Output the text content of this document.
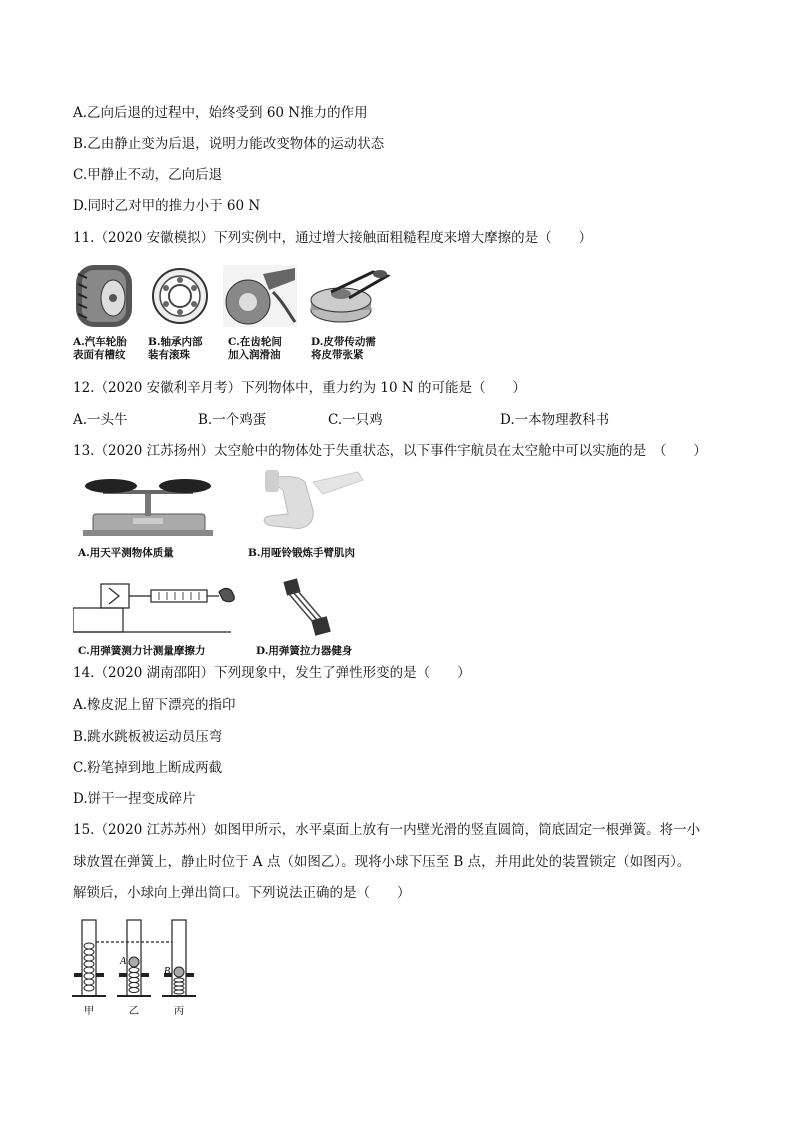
A.乙向后退的过程中，始终受到 60 N推力的作用
B.乙由静止变为后退，说明力能改变物体的运动状态
C.甲静止不动，乙向后退
D.同时乙对甲的推力小于 60 N
11.（2020 安徽模拟）下列实例中，通过增大接触面粗糙程度来增大摩擦的是（　　）
A.汽车轮胎
表面有槽纹
B.轴承内部
装有滚珠
C.在齿轮间
加入润滑油
D.皮带传动需
将皮带张紧
12.（2020 安徽利辛月考）下列物体中，重力约为 10 N 的可能是（　　）
A.一头牛	B.一个鸡蛋	C.一只鸡	D.一本物理教科书
13.（2020 江苏扬州）太空舱中的物体处于失重状态，以下事件宇航员在太空舱中可以实施的是　（　　）
A.用天平测物体质量	B.用哑铃锻炼手臂肌肉
C.用弹簧测力计测量摩擦力	D.用弹簧拉力器健身
14.（2020 湖南邵阳）下列现象中，发生了弹性形变的是（　　）
A.橡皮泥上留下漂亮的指印
B.跳水跳板被运动员压弯
C.粉笔掉到地上断成两截
D.饼干一捏变成碎片
15.（2020 江苏苏州）如图甲所示，水平桌面上放有一内壁光滑的竖直圆筒，筒底固定一根弹簧。将一小
球放置在弹簧上，静止时位于 A 点（如图乙）。现将小球下压至 B 点，并用此处的装置锁定（如图丙）。
解锁后，小球向上弹出筒口。下列说法正确的是（　　）
A
B
甲	乙	丙
